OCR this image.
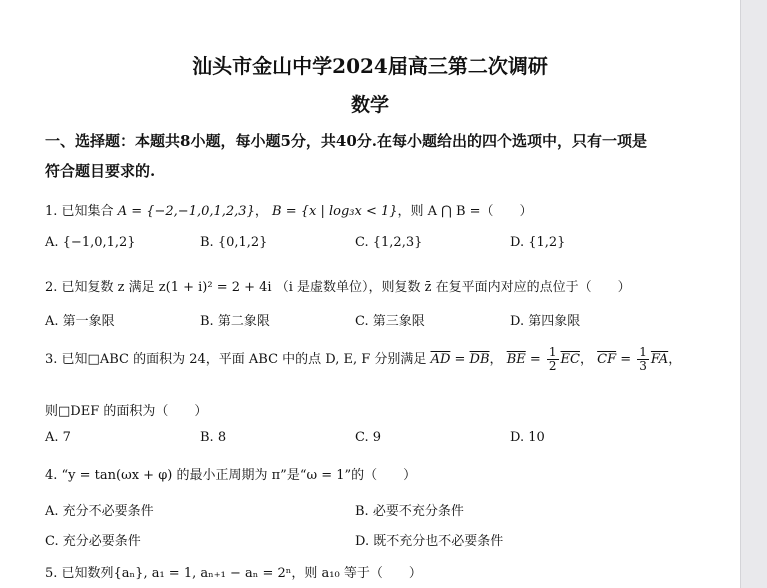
汕头市金山中学2024届高三第二次调研
数学
一、选择题：本题共8小题，每小题5分，共40分.在每小题给出的四个选项中，只有一项是
符合题目要求的.
1. 已知集合 A = {−2,−1,0,1,2,3}， B = {x | log₃x < 1}，则 A ⋂ B =（　　）
A. {−1,0,1,2}	B. {0,1,2}	C. {1,2,3}	D. {1,2}
2. 已知复数 z 满足 z(1 + i)² = 2 + 4i （i 是虚数单位），则复数 z̄ 在复平面内对应的点位于（　　）
A. 第一象限	B. 第二象限	C. 第三象限	D. 第四象限
3. 已知□ABC 的面积为 24，平面 ABC 中的点 D, E, F 分别满足 $\overline{AD} = \overline{DB}$， $\overline{BE} = \frac{1}{2} \overline{EC}$， $\overline{CF} = \frac{1}{3} \overline{FA}$，
则□DEF 的面积为（　　）
A. 7	B. 8	C. 9	D. 10
4. “y = tan(ωx + φ) 的最小正周期为 π”是“ω = 1”的（　　）
A. 充分不必要条件	B. 必要不充分条件
C. 充分必要条件	D. 既不充分也不必要条件
5. 已知数列{aₙ}, a₁ = 1, aₙ₊₁ − aₙ = 2ⁿ，则 a₁₀ 等于（　　）
